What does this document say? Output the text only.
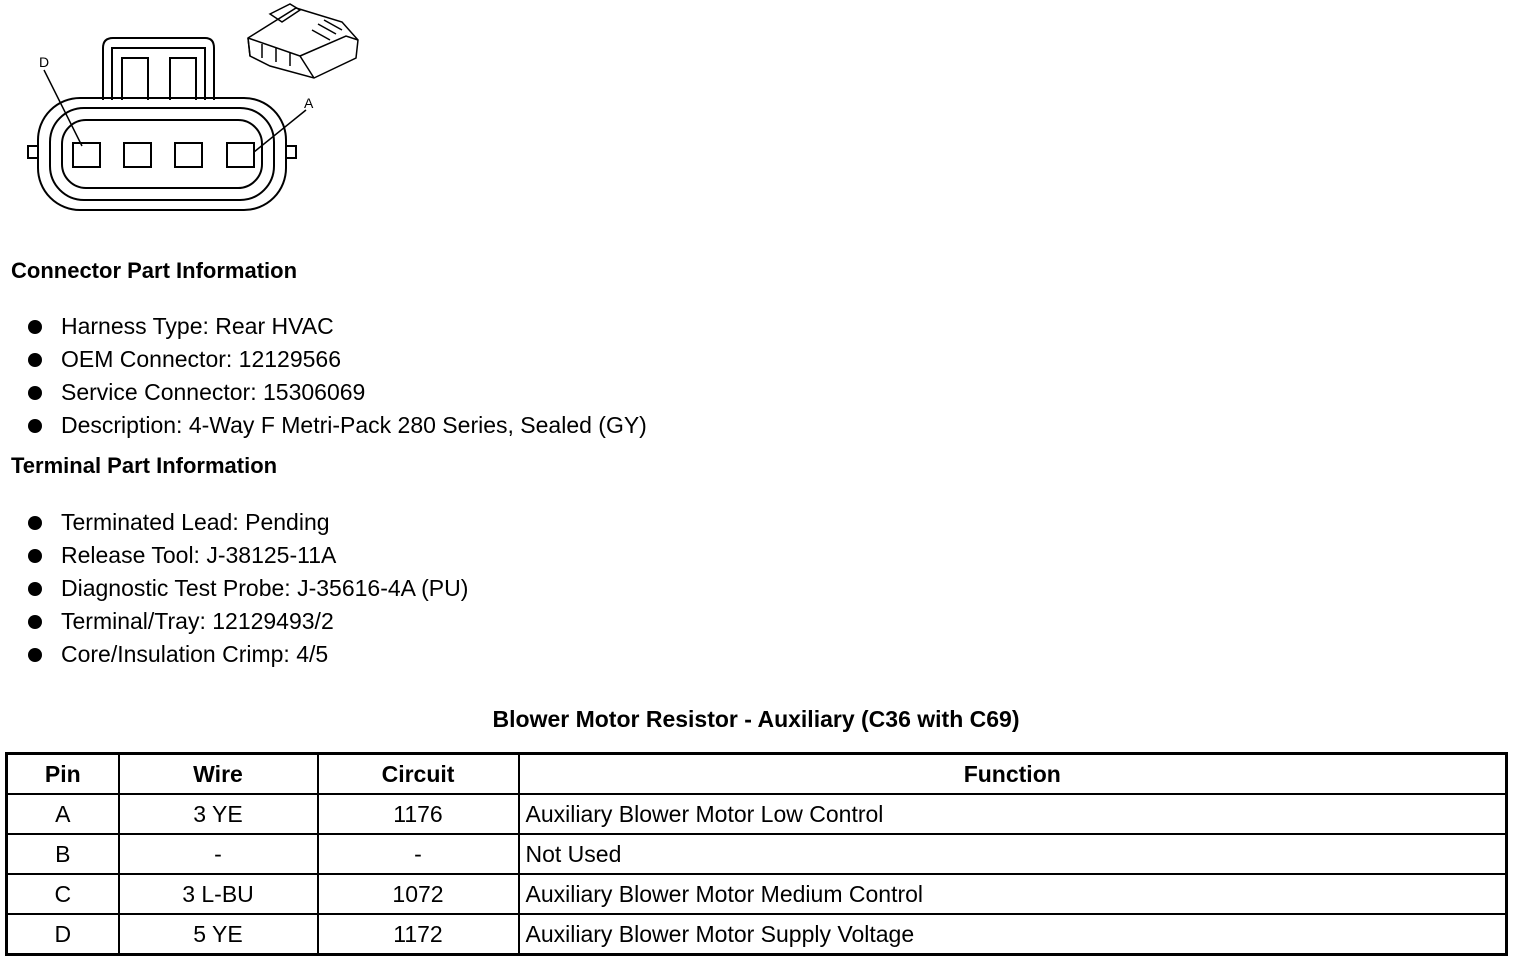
D
A
Connector Part Information
Harness Type: Rear HVAC
OEM Connector: 12129566
Service Connector: 15306069
Description: 4-Way F Metri-Pack 280 Series, Sealed (GY)
Terminal Part Information
Terminated Lead: Pending
Release Tool: J-38125-11A
Diagnostic Test Probe: J-35616-4A (PU)
Terminal/Tray: 12129493/2
Core/Insulation Crimp: 4/5
Blower Motor Resistor - Auxiliary (C36 with C69)
Pin	Wire	Circuit	Function
A	3 YE	1176	Auxiliary Blower Motor Low Control
B	-	-	Not Used
C	3 L-BU	1072	Auxiliary Blower Motor Medium Control
D	5 YE	1172	Auxiliary Blower Motor Supply Voltage
